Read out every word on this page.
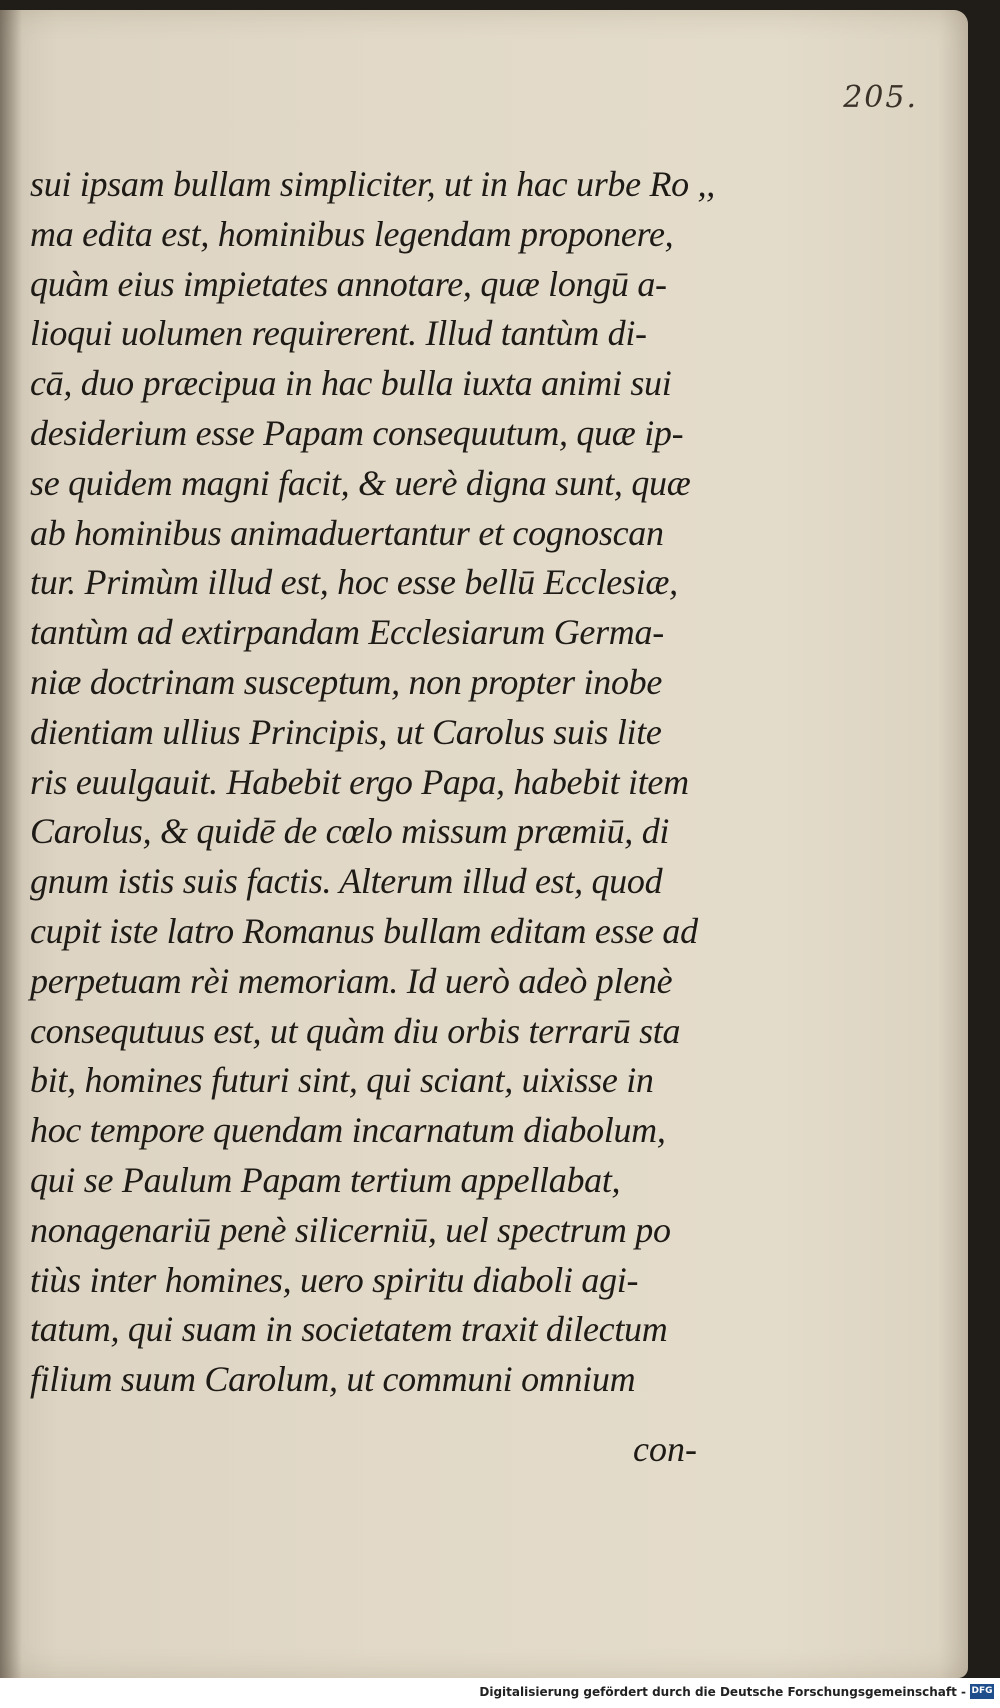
205.
sui ipsam bullam simpliciter, ut in hac urbe Ro ,,
ma edita est, hominibus legendam proponere,
quàm eius impietates annotare, quæ longū a-
lioqui uolumen requirerent. Illud tantùm di-
cā, duo præcipua in hac bulla iuxta animi sui
desiderium esse Papam consequutum, quæ ip-
se quidem magni facit, & uerè digna sunt, quæ
ab hominibus animaduertantur et cognoscan
tur. Primùm illud est, hoc esse bellū Ecclesiæ,
tantùm ad extirpandam Ecclesiarum Germa-
niæ doctrinam susceptum, non propter inobe
dientiam ullius Principis, ut Carolus suis lite
ris euulgauit. Habebit ergo Papa, habebit item
Carolus, & quidē de cœlo missum præmiū, di
gnum istis suis factis. Alterum illud est, quod
cupit iste latro Romanus bullam editam esse ad
perpetuam rèi memoriam. Id uerò adeò plenè
consequtuus est, ut quàm diu orbis terrarū sta
bit, homines futuri sint, qui sciant, uixisse in
hoc tempore quendam incarnatum diabolum,
qui se Paulum Papam tertium appellabat,
nonagenariū penè silicerniū, uel spectrum po
tiùs inter homines, uero spiritu diaboli agi-
tatum, qui suam in societatem traxit dilectum
filium suum Carolum, ut communi omnium
con-
Digitalisierung gefördert durch die Deutsche Forschungsgemeinschaft - DFG
